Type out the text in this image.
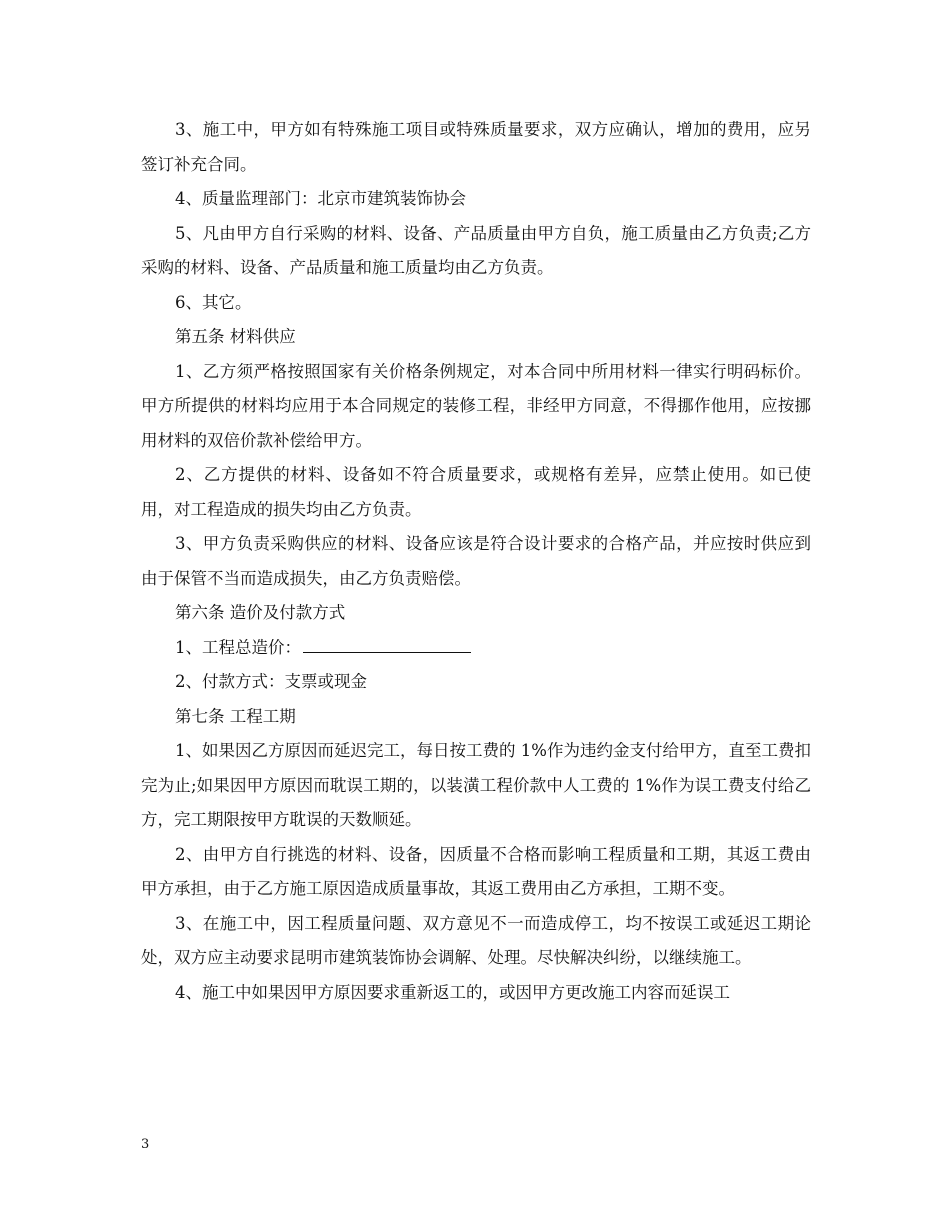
3、施工中，甲方如有特殊施工项目或特殊质量要求，双方应确认，增加的费用，应另签订补充合同。

4、质量监理部门：北京市建筑装饰协会

5、凡由甲方自行采购的材料、设备、产品质量由甲方自负，施工质量由乙方负责;乙方采购的材料、设备、产品质量和施工质量均由乙方负责。

6、其它。

第五条 材料供应

1、乙方须严格按照国家有关价格条例规定，对本合同中所用材料一律实行明码标价。 甲方所提供的材料均应用于本合同规定的装修工程，非经甲方同意，不得挪作他用，应按挪用材料的双倍价款补偿给甲方。

2、乙方提供的材料、设备如不符合质量要求，或规格有差异，应禁止使用。如已使用，对工程造成的损失均由乙方负责。

3、甲方负责采购供应的材料、设备应该是符合设计要求的合格产品，并应按时供应到由于保管不当而造成损失，由乙方负责赔偿。

第六条 造价及付款方式

1、工程总造价：

2、付款方式：支票或现金

第七条 工程工期

1、如果因乙方原因而延迟完工，每日按工费的 1%作为违约金支付给甲方，直至工费扣完为止;如果因甲方原因而耽误工期的，以装潢工程价款中人工费的 1%作为误工费支付给乙方，完工期限按甲方耽误的天数顺延。

2、由甲方自行挑选的材料、设备，因质量不合格而影响工程质量和工期，其返工费由甲方承担，由于乙方施工原因造成质量事故，其返工费用由乙方承担，工期不变。

3、在施工中，因工程质量问题、双方意见不一而造成停工，均不按误工或延迟工期论处，双方应主动要求昆明市建筑装饰协会调解、处理。尽快解决纠纷，以继续施工。

4、施工中如果因甲方原因要求重新返工的，或因甲方更改施工内容而延误工

3
